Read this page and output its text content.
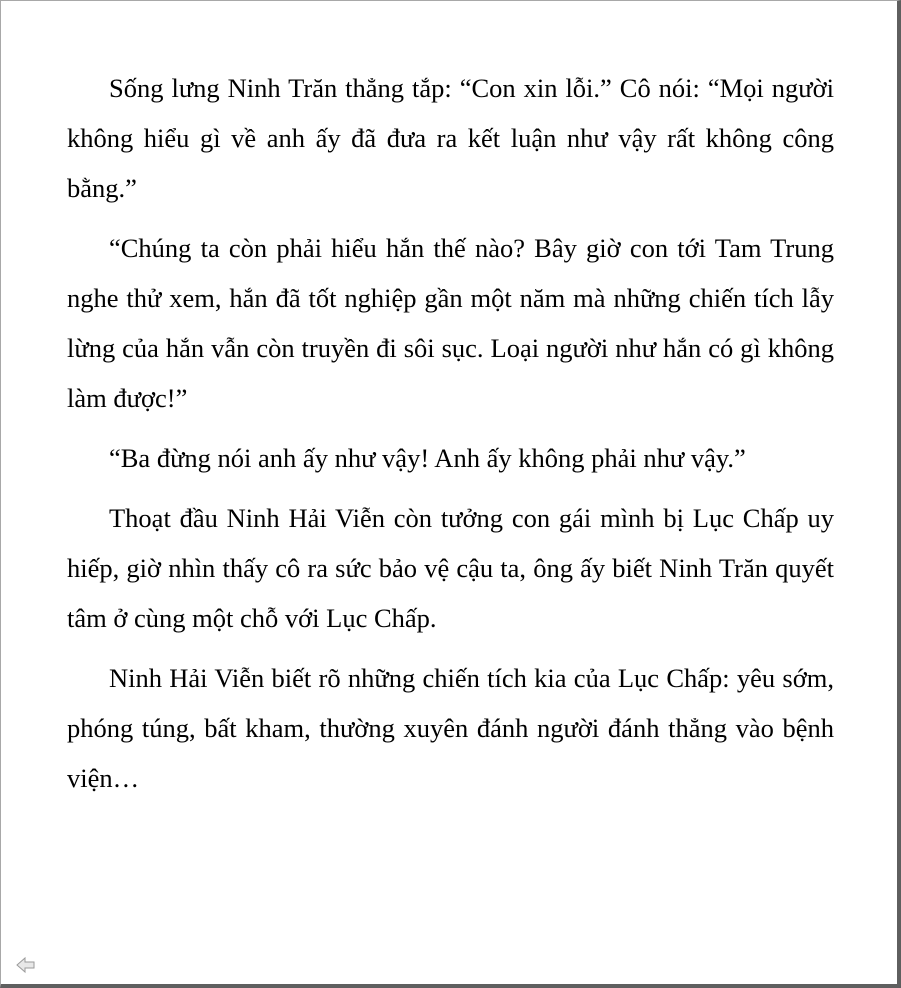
Sống lưng Ninh Trăn thẳng tắp: “Con xin lỗi.” Cô nói: “Mọi người không hiểu gì về anh ấy đã đưa ra kết luận như vậy rất không công bằng.”

“Chúng ta còn phải hiểu hắn thế nào? Bây giờ con tới Tam Trung nghe thử xem, hắn đã tốt nghiệp gần một năm mà những chiến tích lẫy lừng của hắn vẫn còn truyền đi sôi sục. Loại người như hắn có gì không làm được!”

“Ba đừng nói anh ấy như vậy! Anh ấy không phải như vậy.”

Thoạt đầu Ninh Hải Viễn còn tưởng con gái mình bị Lục Chấp uy hiếp, giờ nhìn thấy cô ra sức bảo vệ cậu ta, ông ấy biết Ninh Trăn quyết tâm ở cùng một chỗ với Lục Chấp.

Ninh Hải Viễn biết rõ những chiến tích kia của Lục Chấp: yêu sớm, phóng túng, bất kham, thường xuyên đánh người đánh thẳng vào bệnh viện…
